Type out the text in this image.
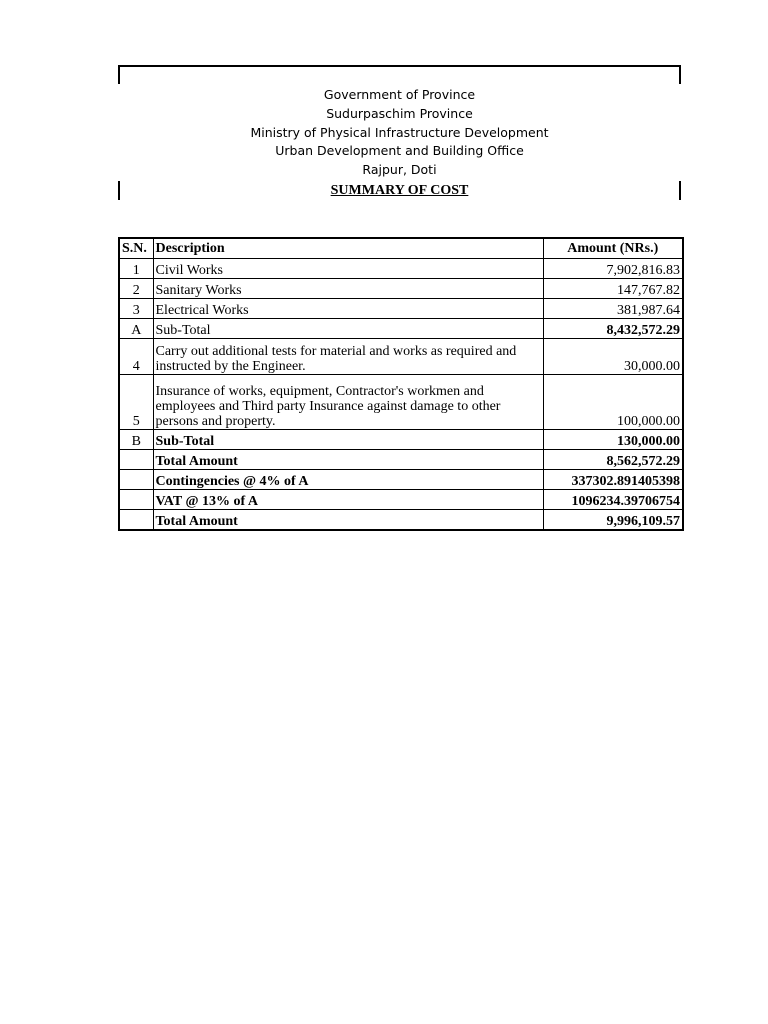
Government of Province
Sudurpaschim Province
Ministry of Physical Infrastructure Development
Urban Development and Building Office
Rajpur, Doti
SUMMARY OF COST
S.N.	Description	Amount (NRs.)
1	Civil Works	7,902,816.83
2	Sanitary Works	147,767.82
3	Electrical Works	381,987.64
A	Sub-Total	8,432,572.29
4	Carry out additional tests for material and works as required and instructed by the Engineer.	30,000.00
5	Insurance of works, equipment, Contractor's workmen and employees and Third party Insurance against damage to other persons and property.	100,000.00
B	Sub-Total	130,000.00
	Total Amount	8,562,572.29
	Contingencies @ 4% of A	337302.891405398
	VAT @ 13% of A	1096234.39706754
	Total Amount	9,996,109.57
